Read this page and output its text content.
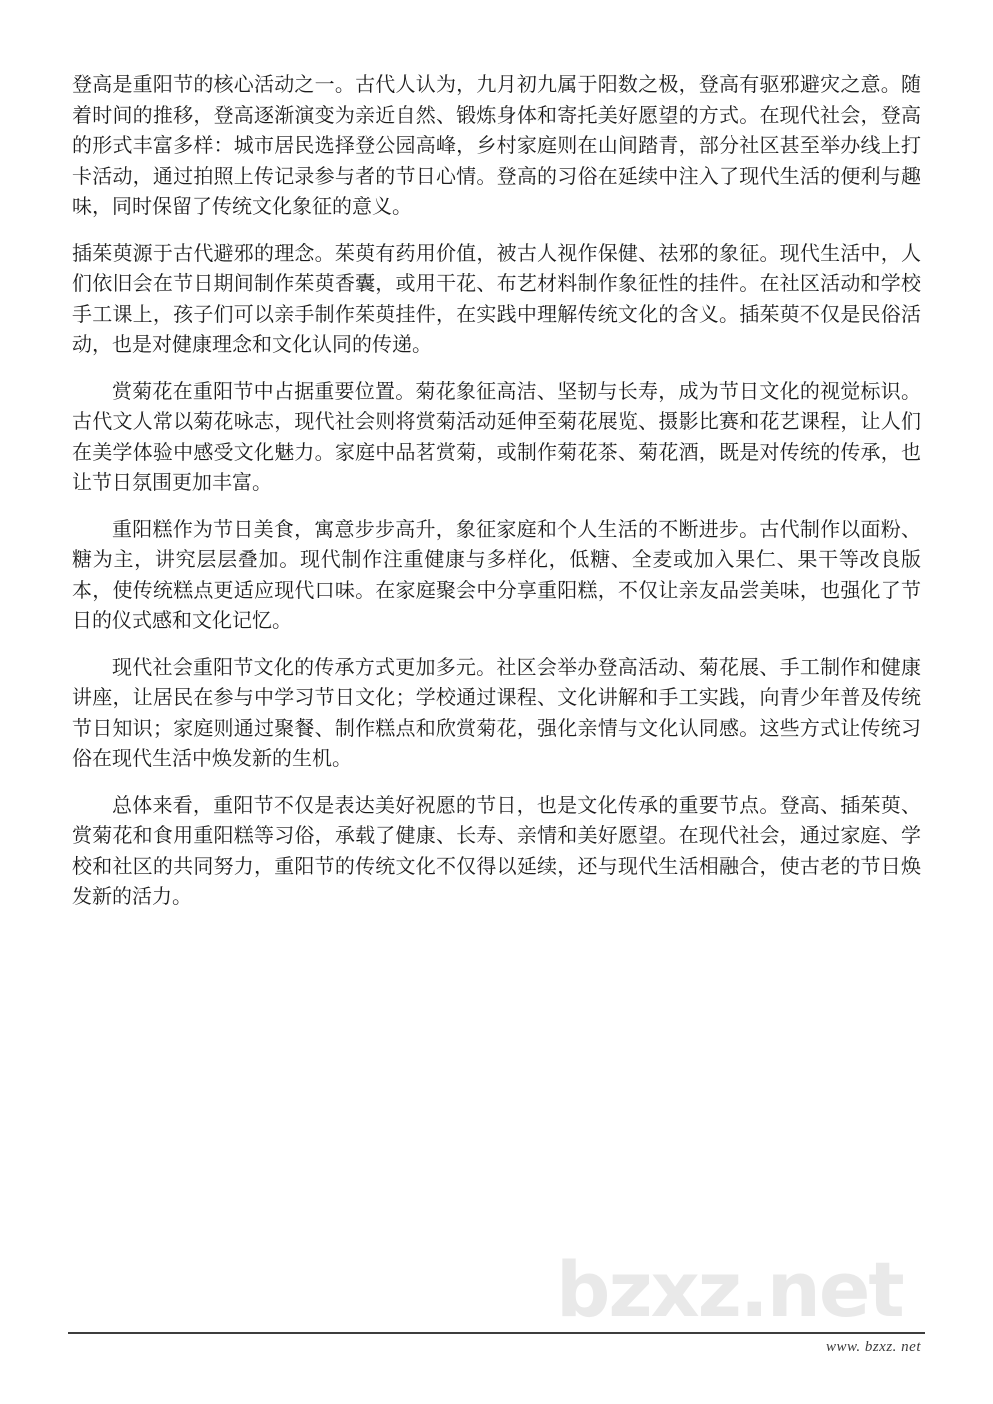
登高是重阳节的核心活动之一。古代人认为，九月初九属于阳数之极，登高有驱邪避灾之意。随着时间的推移，登高逐渐演变为亲近自然、锻炼身体和寄托美好愿望的方式。在现代社会，登高的形式丰富多样：城市居民选择登公园高峰，乡村家庭则在山间踏青，部分社区甚至举办线上打卡活动，通过拍照上传记录参与者的节日心情。登高的习俗在延续中注入了现代生活的便利与趣味，同时保留了传统文化象征的意义。

插茱萸源于古代避邪的理念。茱萸有药用价值，被古人视作保健、祛邪的象征。现代生活中，人们依旧会在节日期间制作茱萸香囊，或用干花、布艺材料制作象征性的挂件。在社区活动和学校手工课上，孩子们可以亲手制作茱萸挂件，在实践中理解传统文化的含义。插茱萸不仅是民俗活动，也是对健康理念和文化认同的传递。

赏菊花在重阳节中占据重要位置。菊花象征高洁、坚韧与长寿，成为节日文化的视觉标识。古代文人常以菊花咏志，现代社会则将赏菊活动延伸至菊花展览、摄影比赛和花艺课程，让人们在美学体验中感受文化魅力。家庭中品茗赏菊，或制作菊花茶、菊花酒，既是对传统的传承，也让节日氛围更加丰富。

重阳糕作为节日美食，寓意步步高升，象征家庭和个人生活的不断进步。古代制作以面粉、糖为主，讲究层层叠加。现代制作注重健康与多样化，低糖、全麦或加入果仁、果干等改良版本，使传统糕点更适应现代口味。在家庭聚会中分享重阳糕，不仅让亲友品尝美味，也强化了节日的仪式感和文化记忆。

现代社会重阳节文化的传承方式更加多元。社区会举办登高活动、菊花展、手工制作和健康讲座，让居民在参与中学习节日文化；学校通过课程、文化讲解和手工实践，向青少年普及传统节日知识；家庭则通过聚餐、制作糕点和欣赏菊花，强化亲情与文化认同感。这些方式让传统习俗在现代生活中焕发新的生机。

总体来看，重阳节不仅是表达美好祝愿的节日，也是文化传承的重要节点。登高、插茱萸、赏菊花和食用重阳糕等习俗，承载了健康、长寿、亲情和美好愿望。在现代社会，通过家庭、学校和社区的共同努力，重阳节的传统文化不仅得以延续，还与现代生活相融合，使古老的节日焕发新的活力。

bzxz.net
www. bzxz. net
